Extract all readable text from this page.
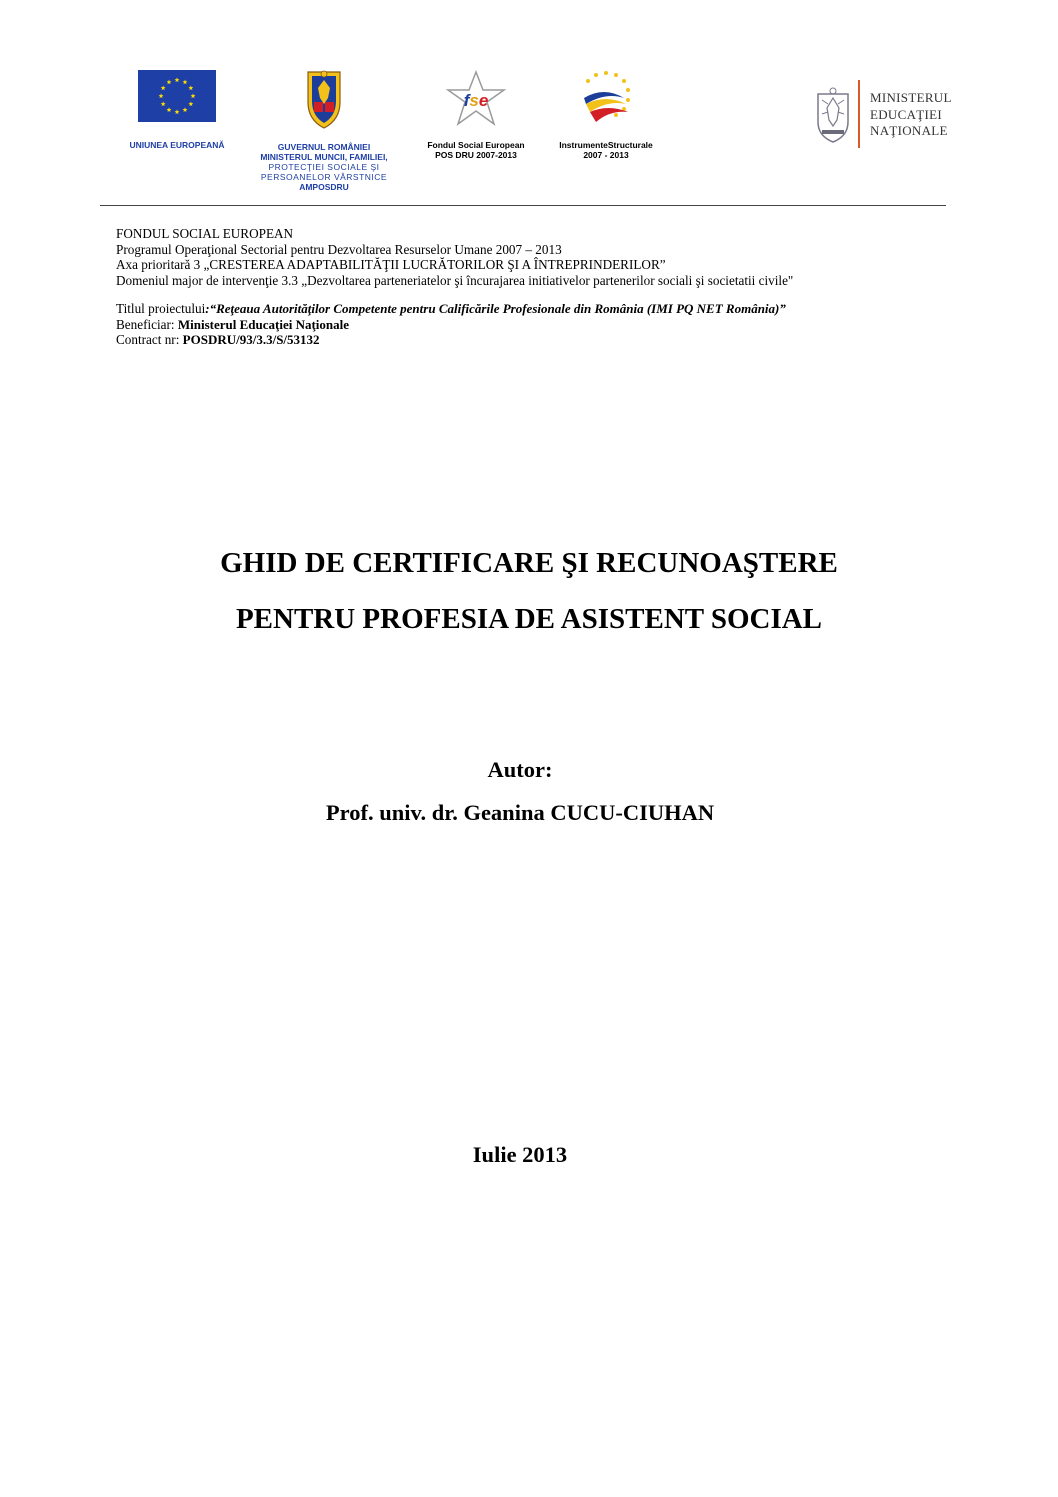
UNIUNEA EUROPEANĂ	GUVERNUL ROMÂNIEI
MINISTERUL MUNCII, FAMILIEI,
PROTECŢIEI SOCIALE ŞI
PERSOANELOR VÂRSTNICE
AMPOSDRU
fse
Fondul Social European
POS DRU 2007-2013
InstrumenteStructurale
2007 - 2013
MINISTERUL
EDUCAŢIEI
NAŢIONALE
FONDUL SOCIAL EUROPEAN
Programul Operaţional Sectorial pentru Dezvoltarea Resurselor Umane 2007 – 2013
Axa prioritară 3 „CRESTEREA ADAPTABILITĂŢII LUCRĂTORILOR ŞI A ÎNTREPRINDERILOR”
Domeniul major de intervenţie 3.3 „Dezvoltarea parteneriatelor şi încurajarea initiativelor partenerilor sociali şi societatii civile"
Titlul proiectului:“Reţeaua Autorităţilor Competente pentru Calificările Profesionale din România (IMI PQ NET România)”
Beneficiar: Ministerul Educaţiei Naţionale
Contract nr: POSDRU/93/3.3/S/53132
GHID DE CERTIFICARE ŞI RECUNOAŞTERE
PENTRU PROFESIA DE ASISTENT SOCIAL
Autor:
Prof. univ. dr. Geanina CUCU-CIUHAN
Iulie 2013
